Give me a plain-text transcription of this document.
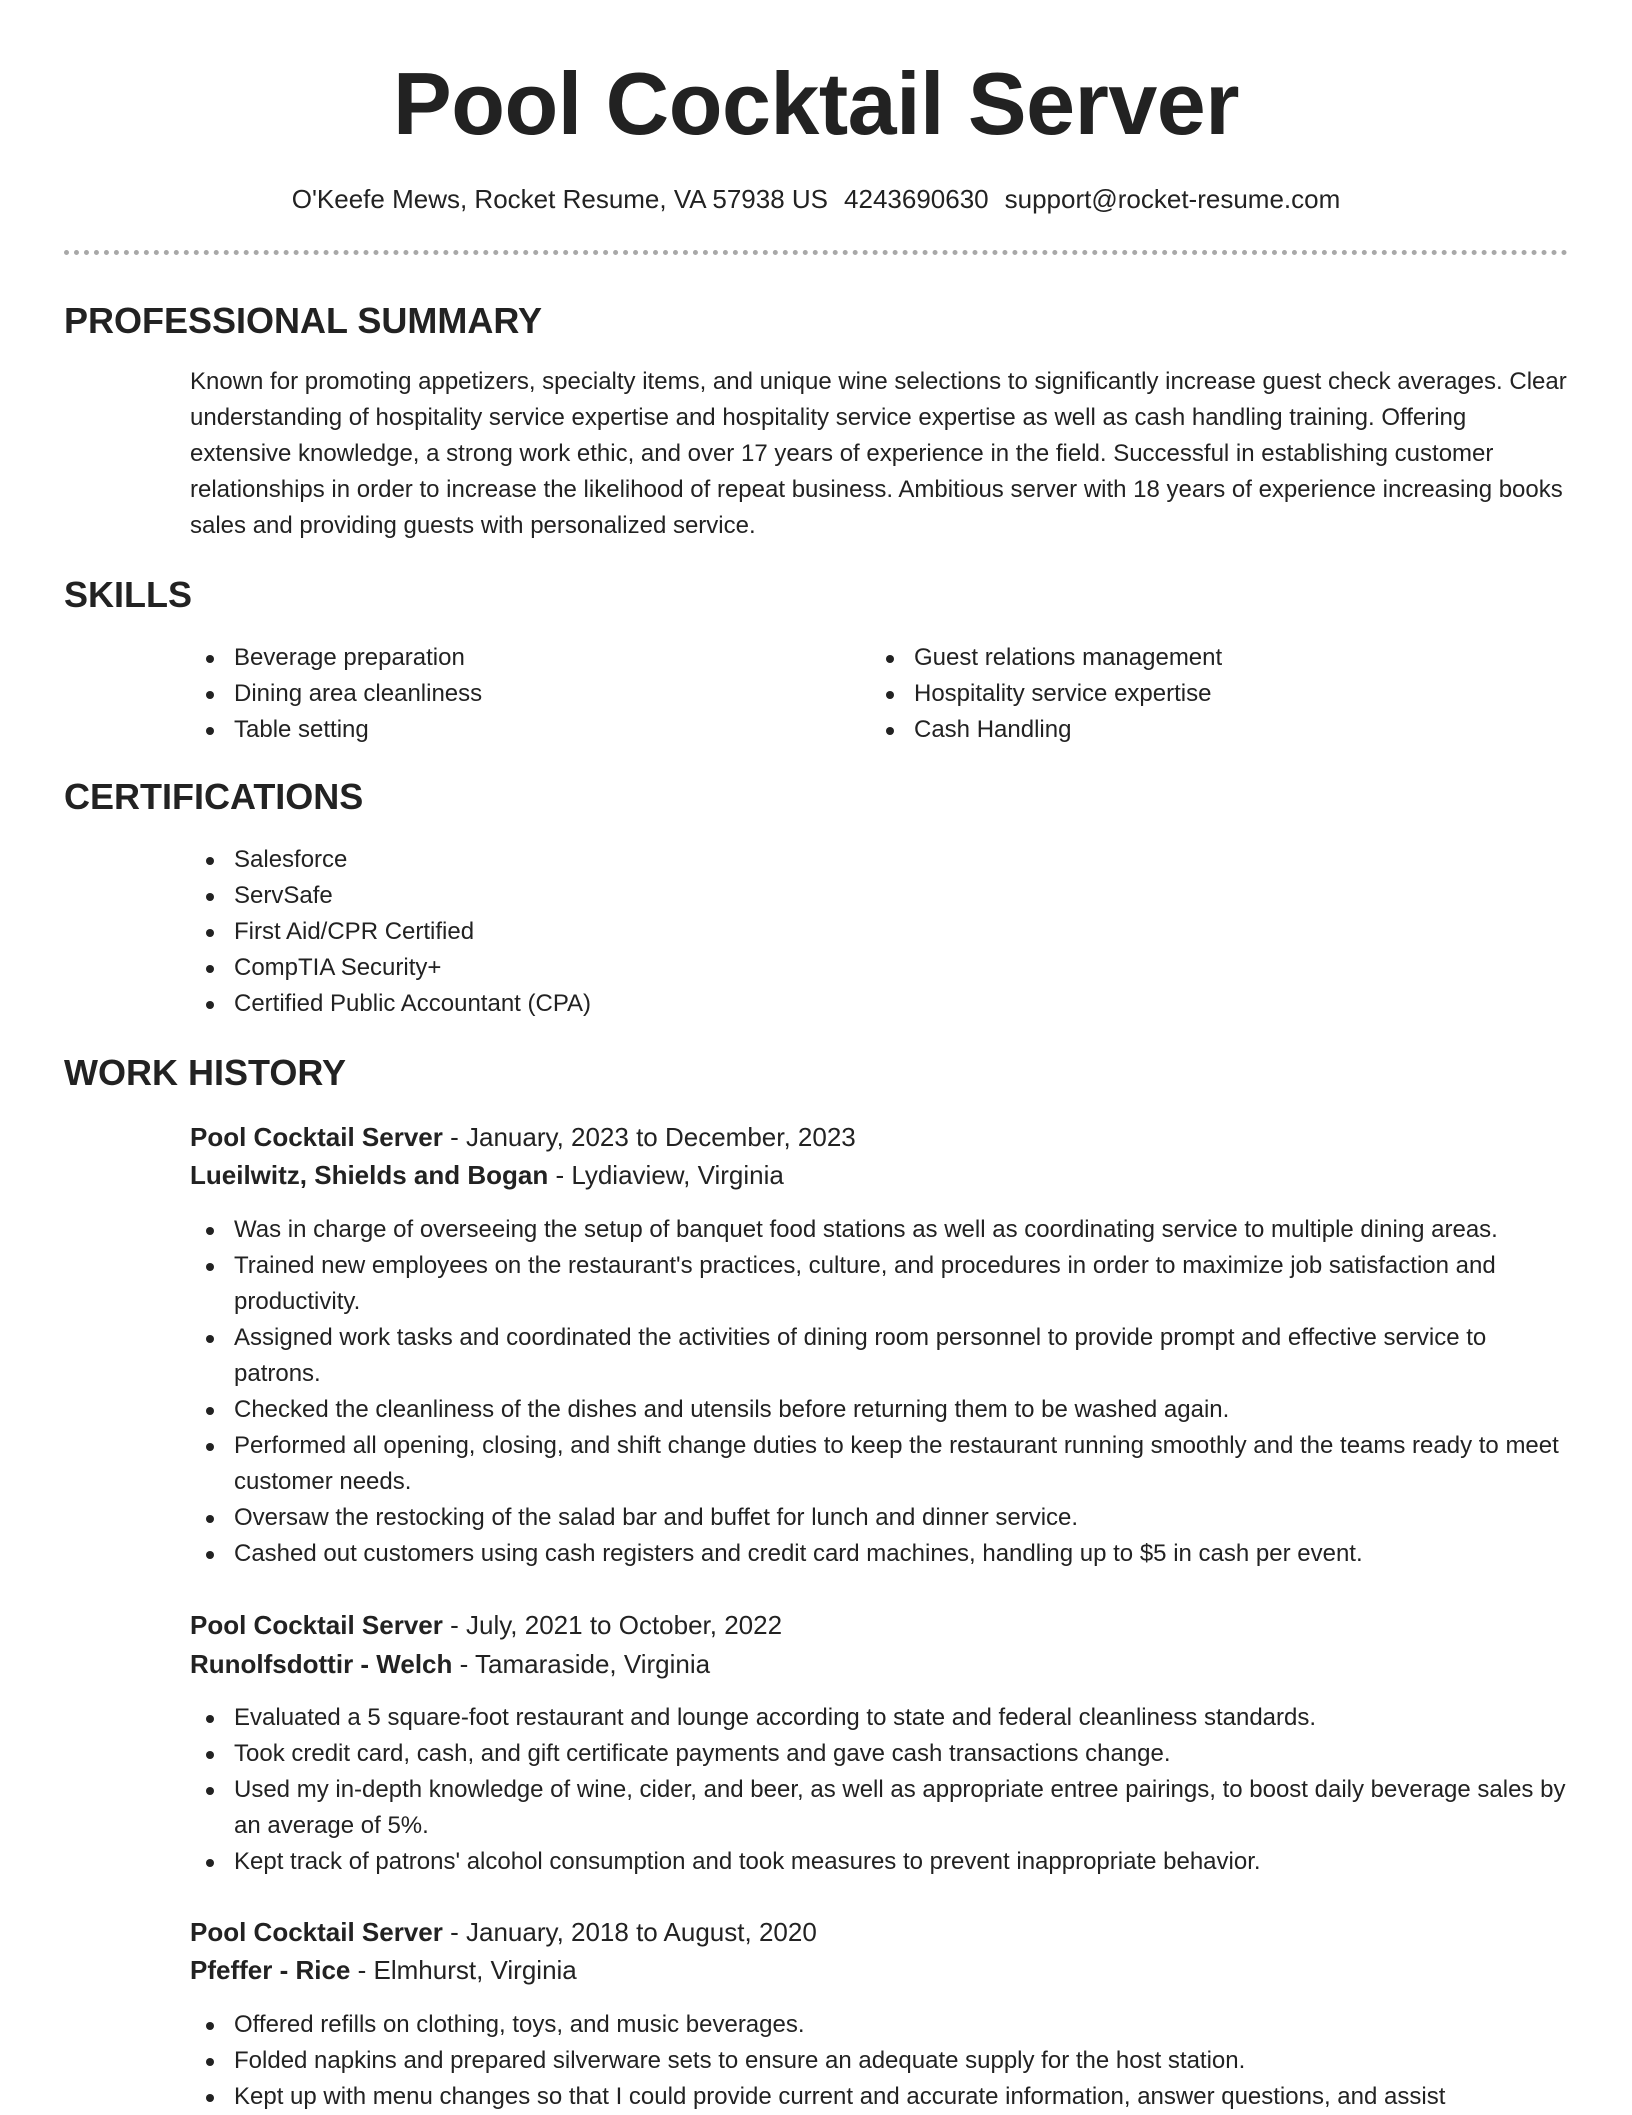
Pool Cocktail Server
O'Keefe Mews, Rocket Resume, VA 57938 US 4243690630 support@rocket-resume.com
PROFESSIONAL SUMMARY

Known for promoting appetizers, specialty items, and unique wine selections to significantly increase guest check averages. Clear understanding of hospitality service expertise and hospitality service expertise as well as cash handling training. Offering extensive knowledge, a strong work ethic, and over 17 years of experience in the field. Successful in establishing customer relationships in order to increase the likelihood of repeat business. Ambitious server with 18 years of experience increasing books sales and providing guests with personalized service.

SKILLS
Beverage preparation
Dining area cleanliness
Table setting
Guest relations management
Hospitality service expertise
Cash Handling
CERTIFICATIONS
Salesforce
ServSafe
First Aid/CPR Certified
CompTIA Security+
Certified Public Accountant (CPA)
WORK HISTORY
Pool Cocktail Server - January, 2023 to December, 2023
Lueilwitz, Shields and Bogan - Lydiaview, Virginia
Was in charge of overseeing the setup of banquet food stations as well as coordinating service to multiple dining areas.
Trained new employees on the restaurant's practices, culture, and procedures in order to maximize job satisfaction and productivity.
Assigned work tasks and coordinated the activities of dining room personnel to provide prompt and effective service to patrons.
Checked the cleanliness of the dishes and utensils before returning them to be washed again.
Performed all opening, closing, and shift change duties to keep the restaurant running smoothly and the teams ready to meet customer needs.
Oversaw the restocking of the salad bar and buffet for lunch and dinner service.
Cashed out customers using cash registers and credit card machines, handling up to $5 in cash per event.
Pool Cocktail Server - July, 2021 to October, 2022
Runolfsdottir - Welch - Tamaraside, Virginia
Evaluated a 5 square-foot restaurant and lounge according to state and federal cleanliness standards.
Took credit card, cash, and gift certificate payments and gave cash transactions change.
Used my in-depth knowledge of wine, cider, and beer, as well as appropriate entree pairings, to boost daily beverage sales by an average of 5%.
Kept track of patrons' alcohol consumption and took measures to prevent inappropriate behavior.
Pool Cocktail Server - January, 2018 to August, 2020
Pfeffer - Rice - Elmhurst, Virginia
Offered refills on clothing, toys, and music beverages.
Folded napkins and prepared silverware sets to ensure an adequate supply for the host station.
Kept up with menu changes so that I could provide current and accurate information, answer questions, and assist
